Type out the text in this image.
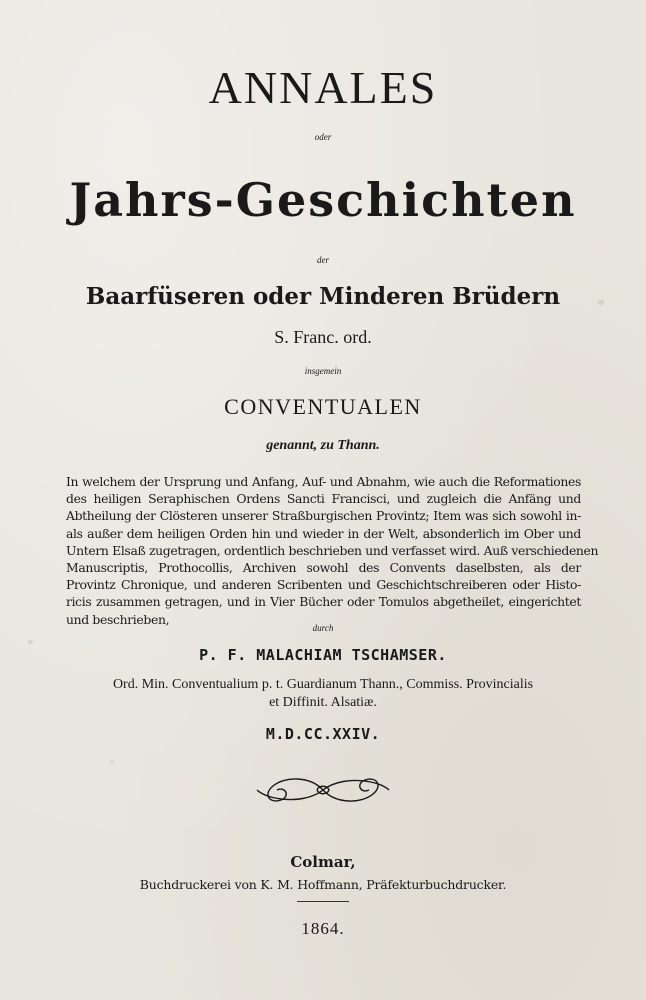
ANNALES
oder
Jahrs-Geschichten
der
Baarfüseren oder Minderen Brüdern
S. Franc. ord.
insgemein
CONVENTUALEN
genannt, zu Thann.
In welchem der Ursprung und Anfang, Auf- und Abnahm, wie auch die Reformationes
des heiligen Seraphischen Ordens Sancti Francisci, und zugleich die Anfäng und
Abtheilung der Clösteren unserer Straßburgischen Provintz; Item was sich sowohl in-
als außer dem heiligen Orden hin und wieder in der Welt, absonderlich im Ober und
Untern Elsaß zugetragen, ordentlich beschrieben und verfasset wird. Auß verschiedenen
Manuscriptis, Prothocollis, Archiven sowohl des Convents daselbsten, als der
Provintz Chronique, und anderen Scribenten und Geschichtschreiberen oder Histo-
ricis zusammen getragen, und in Vier Bücher oder Tomulos abgetheilet, eingerichtet
und beschrieben,
durch
P. F. MALACHIAM TSCHAMSER.
Ord. Min. Conventualium p. t. Guardianum Thann., Commiss. Provincialis
et Diffinit. Alsatiæ.
M.D.CC.XXIV.
Colmar,
Buchdruckerei von K. M. Hoffmann, Präfekturbuchdrucker.
1864.
